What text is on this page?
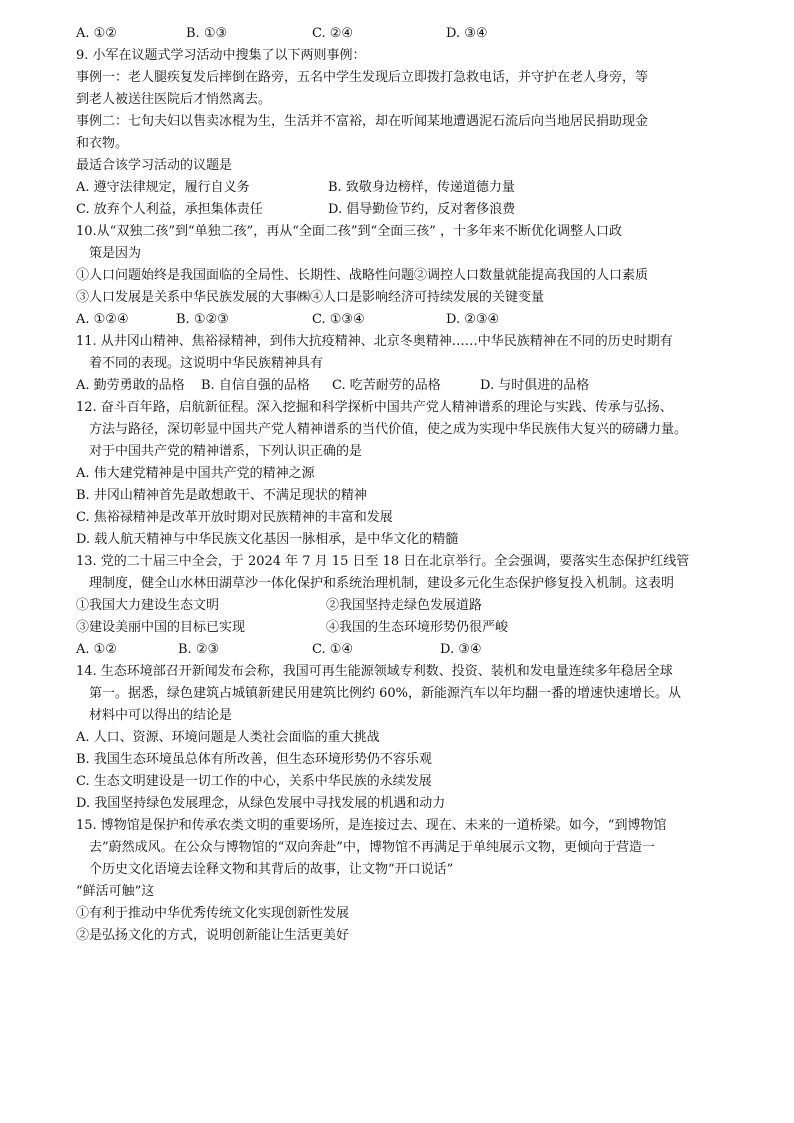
A. ①②	B. ①③	C. ②④	D. ③④
9. 小军在议题式学习活动中搜集了以下两则事例：
事例一：老人腿疾复发后摔倒在路旁，五名中学生发现后立即拨打急救电话，并守护在老人身旁，等
到老人被送往医院后才悄然离去。
事例二：七旬夫妇以售卖冰棍为生，生活并不富裕，却在听闻某地遭遇泥石流后向当地居民捐助现金
和衣物。
最适合该学习活动的议题是
A. 遵守法律规定，履行自义务	B. 致敬身边榜样，传递道德力量
C. 放弃个人利益，承担集体责任	D. 倡导勤俭节约，反对奢侈浪费
10.从“双独二孩”到“单独二孩”，再从“全面二孩”到“全面三孩” ，十多年来不断优化调整人口政
策是因为
①人口问题始终是我国面临的全局性、长期性、战略性问题②调控人口数量就能提高我国的人口素质
③人口发展是关系中华民族发展的大事㈱④人口是影响经济可持续发展的关键变量
A. ①②④	B. ①②③	C. ①③④	D. ②③④
11. 从井冈山精神、焦裕禄精神，到伟大抗疫精神、北京冬奥精神……中华民族精神在不同的历史时期有
着不同的表现。这说明中华民族精神具有
A. 勤劳勇敢的品格 B. 自信自强的品格 C. 吃苦耐劳的品格	D. 与时俱进的品格
12. 奋斗百年路，启航新征程。深入挖掘和科学探析中国共产党人精神谱系的理论与实践、传承与弘扬、
方法与路径，深切彰显中国共产党人精神谱系的当代价值，使之成为实现中华民族伟大复兴的磅礴力量。
对于中国共产党的精神谱系，下列认识正确的是
A. 伟大建党精神是中国共产党的精神之源
B. 井冈山精神首先是敢想敢干、不满足现状的精神
C. 焦裕禄精神是改革开放时期对民族精神的丰富和发展
D. 载人航天精神与中华民族文化基因一脉相承，是中华文化的精髓
13. 党的二十届三中全会，于 2024 年 7 月 15 日至 18 日在北京举行。全会强调，要落实生态保护红线管
理制度，健全山水林田湖草沙一体化保护和系统治理机制，建设多元化生态保护修复投入机制。这表明
①我国大力建设生态文明	②我国坚持走绿色发展道路
③建设美丽中国的目标已实现	④我国的生态环境形势仍很严峻
A. ①②	B. ②③	C. ①④	D. ③④
14. 生态环境部召开新闻发布会称，我国可再生能源领域专利数、投资、装机和发电量连续多年稳居全球
第一。据悉，绿色建筑占城镇新建民用建筑比例约 60%，新能源汽车以年均翻一番的增速快速增长。从
材料中可以得出的结论是
A. 人口、资源、环境问题是人类社会面临的重大挑战
B. 我国生态环境虽总体有所改善，但生态环境形势仍不容乐观
C. 生态文明建设是一切工作的中心，关系中华民族的永续发展
D. 我国坚持绿色发展理念，从绿色发展中寻找发展的机遇和动力
15. 博物馆是保护和传承农类文明的重要场所，是连接过去、现在、未来的一道桥梁。如今，“到博物馆
去”蔚然成风。在公众与博物馆的“双向奔赴”中，博物馆不再满足于单纯展示文物，更倾向于营造一
个历史文化语境去诠释文物和其背后的故事，让文物“开口说话”
“鲜活可触”这
①有利于推动中华优秀传统文化实现创新性发展
②是弘扬文化的方式，说明创新能让生活更美好
